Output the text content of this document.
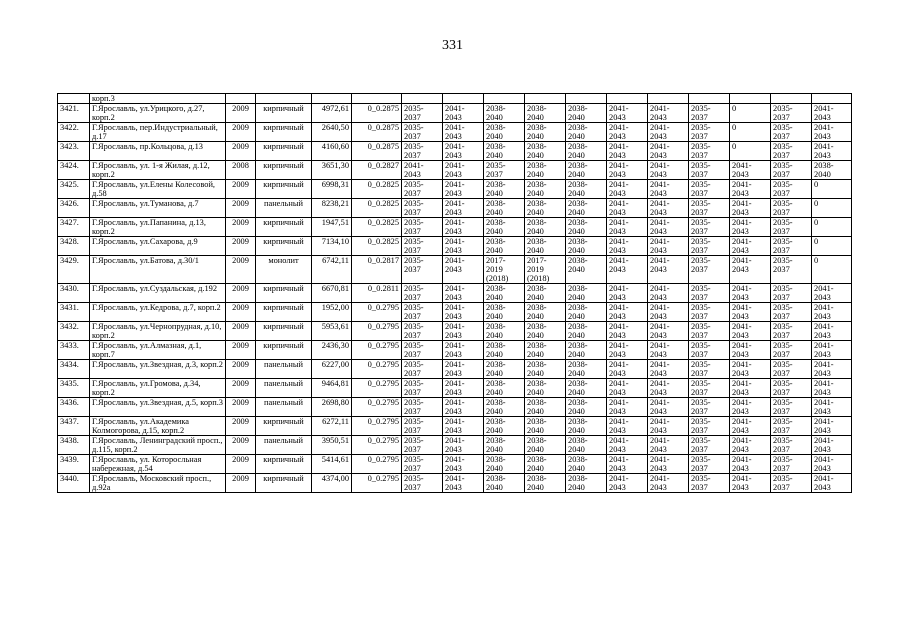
331
	корп.3															
3421.	Г.Ярославль, ул.Урицкого, д.27, корп.2	2009	кирпичный	4972,61	0_0.2875	2035-2037	2041-2043	2038-2040	2038-2040	2038-2040	2041-2043	2041-2043	2035-2037	0	2035-2037	2041-2043
3422.	Г.Ярославль, пер.Индустриальный, д.17	2009	кирпичный	2640,50	0_0.2875	2035-2037	2041-2043	2038-2040	2038-2040	2038-2040	2041-2043	2041-2043	2035-2037	0	2035-2037	2041-2043
3423.	Г.Ярославль, пр.Кольцова, д.13	2009	кирпичный	4160,60	0_0.2875	2035-2037	2041-2043	2038-2040	2038-2040	2038-2040	2041-2043	2041-2043	2035-2037	0	2035-2037	2041-2043
3424.	Г.Ярославль, ул. 1-я Жилая, д.12, корп.2	2008	кирпичный	3651,30	0_0.2827	2041-2043	2041-2043	2035-2037	2038-2040	2038-2040	2041-2043	2041-2043	2035-2037	2041-2043	2035-2037	2038-2040
3425.	Г.Ярославль, ул.Елены Колесовой, д.58	2009	кирпичный	6998,31	0_0.2825	2035-2037	2041-2043	2038-2040	2038-2040	2038-2040	2041-2043	2041-2043	2035-2037	2041-2043	2035-2037	0
3426.	Г.Ярославль, ул.Туманова, д.7	2009	панельный	8238,21	0_0.2825	2035-2037	2041-2043	2038-2040	2038-2040	2038-2040	2041-2043	2041-2043	2035-2037	2041-2043	2035-2037	0
3427.	Г.Ярославль, ул.Папанина, д.13, корп.2	2009	кирпичный	1947,51	0_0.2825	2035-2037	2041-2043	2038-2040	2038-2040	2038-2040	2041-2043	2041-2043	2035-2037	2041-2043	2035-2037	0
3428.	Г.Ярославль, ул.Сахарова, д.9	2009	кирпичный	7134,10	0_0.2825	2035-2037	2041-2043	2038-2040	2038-2040	2038-2040	2041-2043	2041-2043	2035-2037	2041-2043	2035-2037	0
3429.	Г.Ярославль, ул.Батова, д.30/1	2009	монолит	6742,11	0_0.2817	2035-2037	2041-2043	2017-2019 (2018)	2017-2019 (2018)	2038-2040	2041-2043	2041-2043	2035-2037	2041-2043	2035-2037	0
3430.	Г.Ярославль, ул.Суздальская, д.192	2009	кирпичный	6670,81	0_0.2811	2035-2037	2041-2043	2038-2040	2038-2040	2038-2040	2041-2043	2041-2043	2035-2037	2041-2043	2035-2037	2041-2043
3431.	Г.Ярославль, ул.Кедрова, д.7, корп.2	2009	кирпичный	1952,00	0_0.2795	2035-2037	2041-2043	2038-2040	2038-2040	2038-2040	2041-2043	2041-2043	2035-2037	2041-2043	2035-2037	2041-2043
3432.	Г.Ярославль, ул.Чернопрудная, д.10, корп.2	2009	кирпичный	5953,61	0_0.2795	2035-2037	2041-2043	2038-2040	2038-2040	2038-2040	2041-2043	2041-2043	2035-2037	2041-2043	2035-2037	2041-2043
3433.	Г.Ярославль, ул.Алмазная, д.1, корп.7	2009	кирпичный	2436,30	0_0.2795	2035-2037	2041-2043	2038-2040	2038-2040	2038-2040	2041-2043	2041-2043	2035-2037	2041-2043	2035-2037	2041-2043
3434.	Г.Ярославль, ул.Звездная, д.3, корп.2	2009	панельный	6227,00	0_0.2795	2035-2037	2041-2043	2038-2040	2038-2040	2038-2040	2041-2043	2041-2043	2035-2037	2041-2043	2035-2037	2041-2043
3435.	Г.Ярославль, ул.Громова, д.34, корп.2	2009	панельный	9464,81	0_0.2795	2035-2037	2041-2043	2038-2040	2038-2040	2038-2040	2041-2043	2041-2043	2035-2037	2041-2043	2035-2037	2041-2043
3436.	Г.Ярославль, ул.Звездная, д.5, корп.3	2009	панельный	2698,80	0_0.2795	2035-2037	2041-2043	2038-2040	2038-2040	2038-2040	2041-2043	2041-2043	2035-2037	2041-2043	2035-2037	2041-2043
3437.	Г.Ярославль, ул.Академика Колмогорова, д.15, корп.2	2009	кирпичный	6272,11	0_0.2795	2035-2037	2041-2043	2038-2040	2038-2040	2038-2040	2041-2043	2041-2043	2035-2037	2041-2043	2035-2037	2041-2043
3438.	Г.Ярославль, Ленинградский просп., д.115, корп.2	2009	панельный	3950,51	0_0.2795	2035-2037	2041-2043	2038-2040	2038-2040	2038-2040	2041-2043	2041-2043	2035-2037	2041-2043	2035-2037	2041-2043
3439.	Г.Ярославль, ул. Которосльная набережная, д.54	2009	кирпичный	5414,61	0_0.2795	2035-2037	2041-2043	2038-2040	2038-2040	2038-2040	2041-2043	2041-2043	2035-2037	2041-2043	2035-2037	2041-2043
3440.	Г.Ярославль, Московский просп., д.92а	2009	кирпичный	4374,00	0_0.2795	2035-2037	2041-2043	2038-2040	2038-2040	2038-2040	2041-2043	2041-2043	2035-2037	2041-2043	2035-2037	2041-2043
